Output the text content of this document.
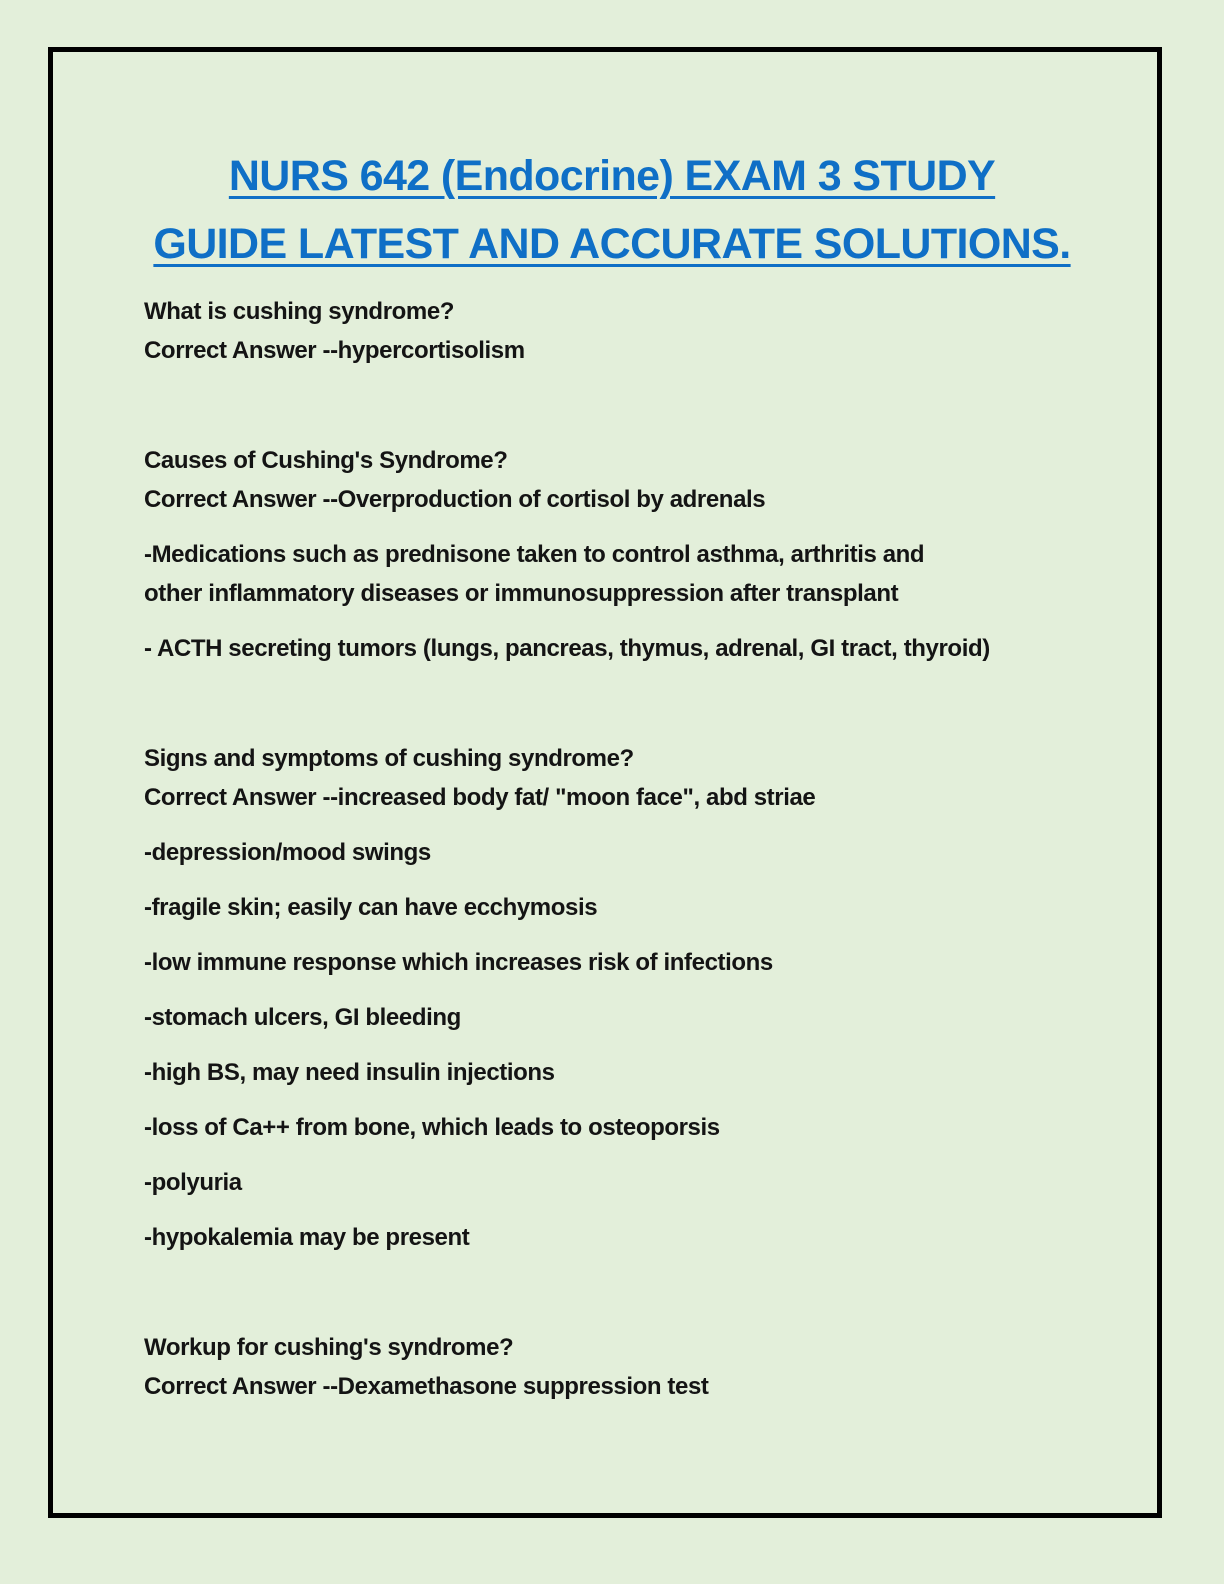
NURS 642 (Endocrine) EXAM 3 STUDY
GUIDE LATEST AND ACCURATE SOLUTIONS.

What is cushing syndrome?

Correct Answer --hypercortisolism

Causes of Cushing's Syndrome?

Correct Answer --Overproduction of cortisol by adrenals

-Medications such as prednisone taken to control asthma, arthritis and

other inflammatory diseases or immunosuppression after transplant

- ACTH secreting tumors (lungs, pancreas, thymus, adrenal, GI tract, thyroid)

Signs and symptoms of cushing syndrome?

Correct Answer --increased body fat/ "moon face", abd striae

-depression/mood swings

-fragile skin; easily can have ecchymosis

-low immune response which increases risk of infections

-stomach ulcers, GI bleeding

-high BS, may need insulin injections

-loss of Ca++ from bone, which leads to osteoporsis

-polyuria

-hypokalemia may be present

Workup for cushing's syndrome?

Correct Answer --Dexamethasone suppression test
